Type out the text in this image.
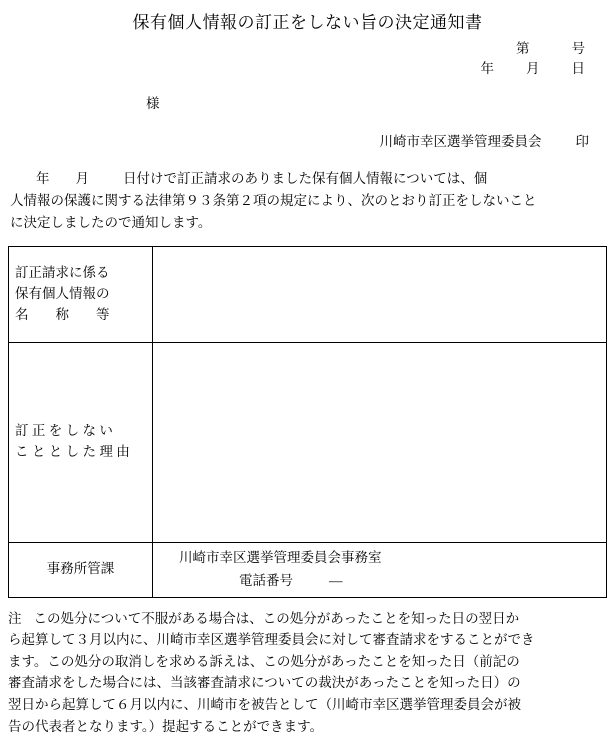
保有個人情報の訂正をしない旨の決定通知書
第	号
年 月 日
様
川崎市幸区選挙管理委員会	印
年 月	日付けで訂正請求のありました保有個人情報については、個
人情報の保護に関する法律第９３条第２項の規定により、次のとおり訂正をしないこと
に決定しましたので通知します。
訂正請求に係る
保有個人情報の
名　　称　　等	

訂 正 を し な い
こ と と し た 理 由	

事務所管課	川崎市幸区選挙管理委員会事務室
電話番号 ―
注 この処分について不服がある場合は、この処分があったことを知った日の翌日か
ら起算して３月以内に、川崎市幸区選挙管理委員会に対して審査請求をすることができ
ます。この処分の取消しを求める訴えは、この処分があったことを知った日（前記の
審査請求をした場合には、当該審査請求についての裁決があったことを知った日）の
翌日から起算して６月以内に、川崎市を被告として（川崎市幸区選挙管理委員会が被
告の代表者となります。）提起することができます。
